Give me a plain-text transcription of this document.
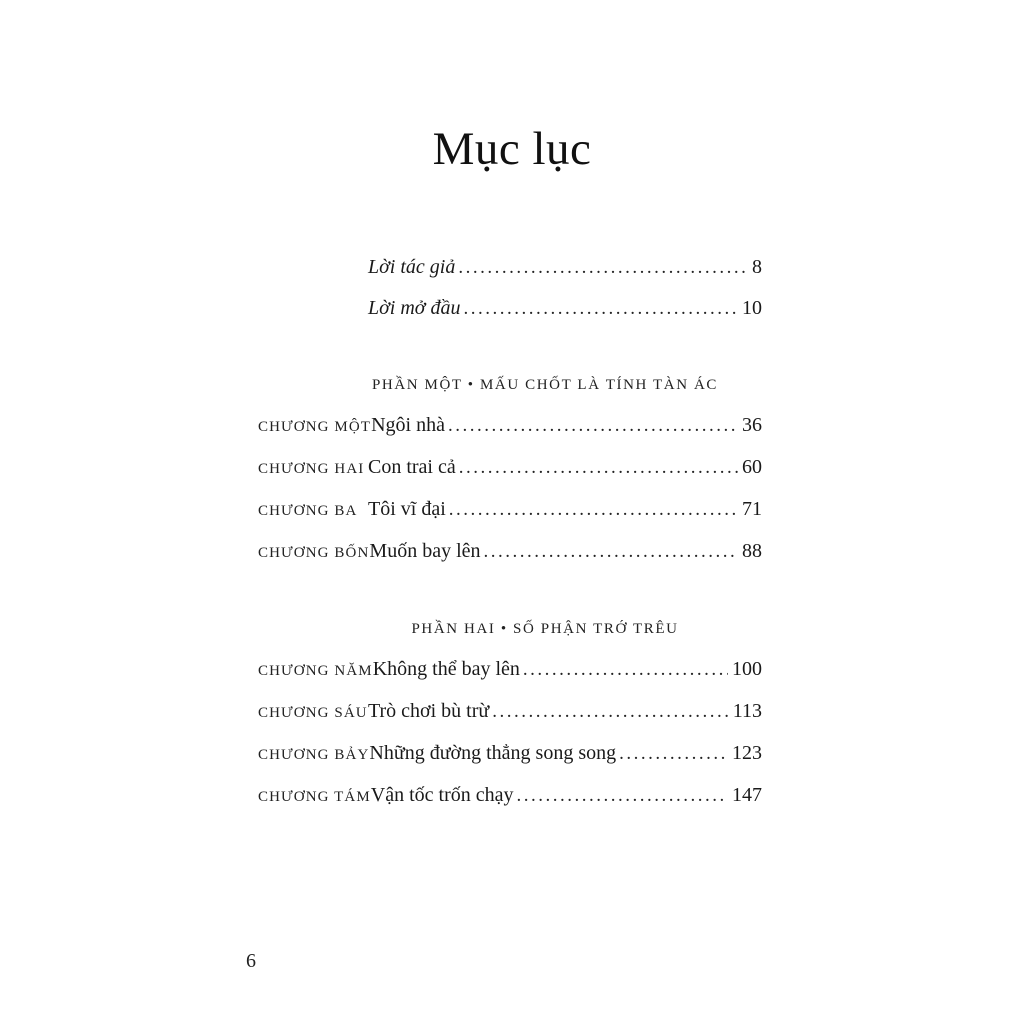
Mục lục
Lời tác giả .....	8
Lời mở đầu .....	10
PHẦN MỘT • MẤU CHỐT LÀ TÍNH TÀN ÁC
CHƯƠNG MỘT Ngôi nhà .....	36
CHƯƠNG HAI Con trai cả .....	60
CHƯƠNG BA Tôi vĩ đại .....	71
CHƯƠNG BỐN Muốn bay lên .....	88
PHẦN HAI • SỐ PHẬN TRỚ TRÊU
CHƯƠNG NĂM Không thể bay lên .....	100
CHƯƠNG SÁU Trò chơi bù trừ .....	113
CHƯƠNG BẢY Những đường thẳng song song .....	123
CHƯƠNG TÁM Vận tốc trốn chạy .....	147
6
